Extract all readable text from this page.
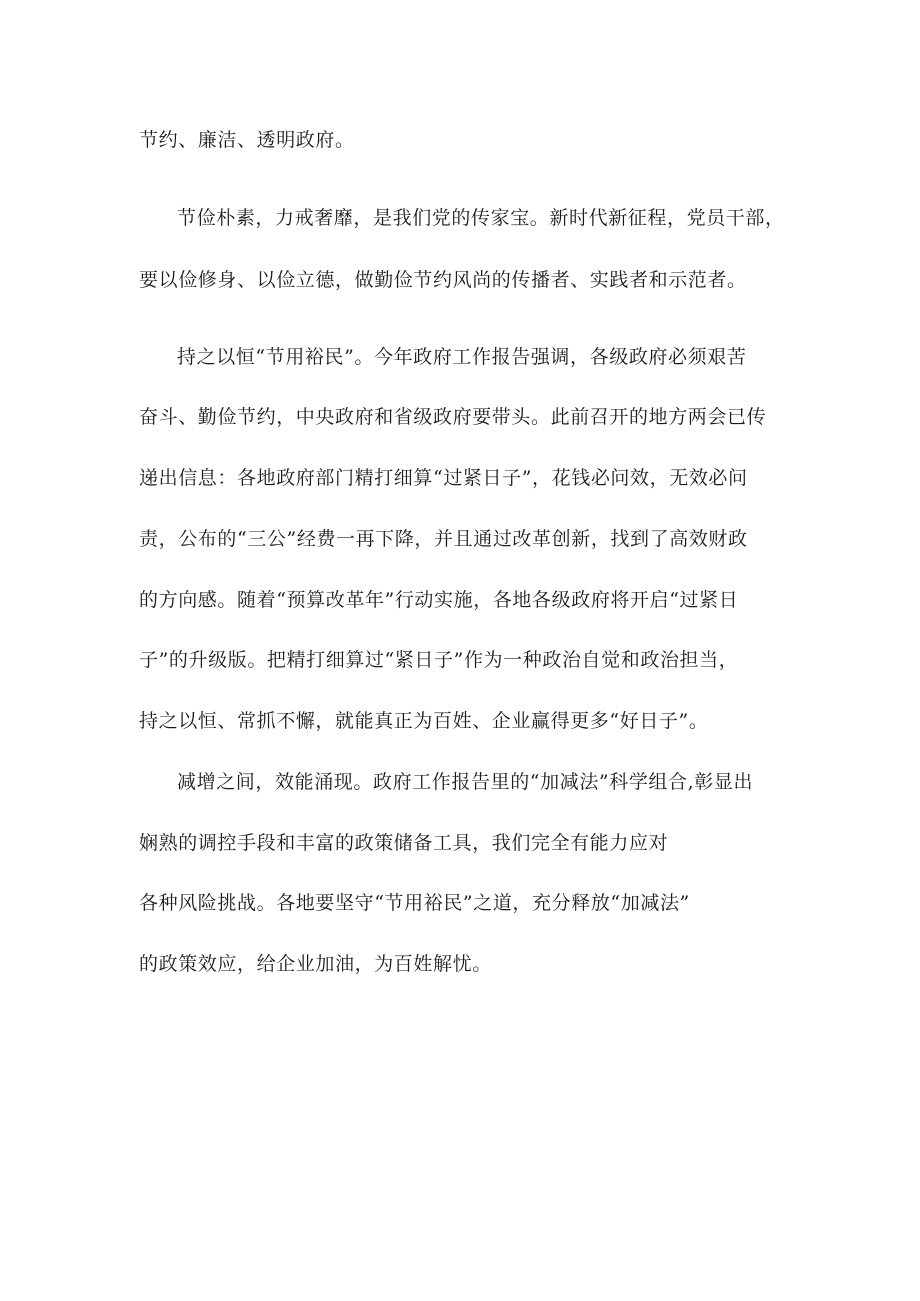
节约、廉洁、透明政府。

节俭朴素，力戒奢靡，是我们党的传家宝。新时代新征程，党员干部，

要以俭修身、以俭立德，做勤俭节约风尚的传播者、实践者和示范者。

持之以恒“节用裕民”。今年政府工作报告强调，各级政府必须艰苦

奋斗、勤俭节约，中央政府和省级政府要带头。此前召开的地方两会已传

递出信息：各地政府部门精打细算“过紧日子”，花钱必问效，无效必问

责，公布的“三公”经费一再下降，并且通过改革创新，找到了高效财政

的方向感。随着“预算改革年”行动实施，各地各级政府将开启“过紧日

子”的升级版。把精打细算过“紧日子”作为一种政治自觉和政治担当，

持之以恒、常抓不懈，就能真正为百姓、企业赢得更多“好日子”。

减增之间，效能涌现。政府工作报告里的“加减法”科学组合,彰显出

娴熟的调控手段和丰富的政策储备工具，我们完全有能力应对

各种风险挑战。各地要坚守“节用裕民”之道，充分释放“加减法”

的政策效应，给企业加油，为百姓解忧。
